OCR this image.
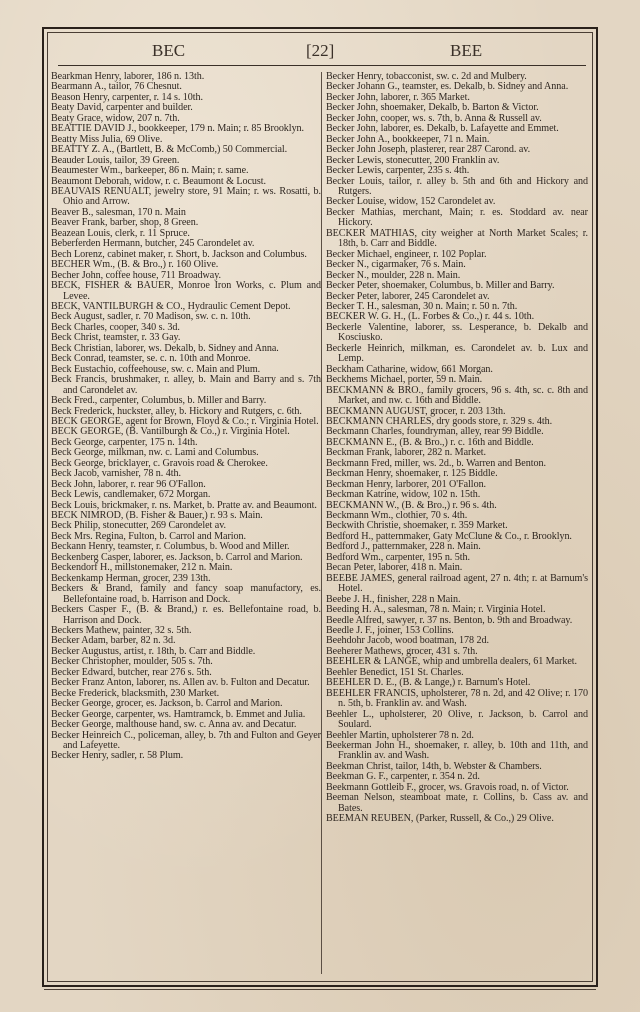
BEC	[22]	BEE
Bearkman Henry, laborer, 186 n. 13th.
Bearmann A., tailor, 76 Chesnut.
Beason Henry, carpenter, r. 14 s. 10th.
Beaty David, carpenter and builder.
Beaty Grace, widow, 207 n. 7th.
BEATTIE DAVID J., bookkeeper, 179 n. Main; r. 85 Brooklyn.
Beatty Miss Julia, 69 Olive.
BEATTY Z. A., (Bartlett, B. & McComb,) 50 Commercial.
Beauder Louis, tailor, 39 Green.
Beaumester Wm., barkeeper, 86 n. Main; r. same.
Beaumont Deborah, widow, r. c. Beaumont & Locust.
BEAUVAIS RENUALT, jewelry store, 91 Main; r. ws. Rosatti, b. Ohio and Arrow.
Beaver B., salesman, 170 n. Main
Beaver Frank, barber, shop, 8 Green.
Beazean Louis, clerk, r. 11 Spruce.
Beberferden Hermann, butcher, 245 Carondelet av.
Bech Lorenz, cabinet maker, r. Short, b. Jackson and Columbus.
BECHER Wm., (B. & Bro.,) r. 160 Olive.
Becher John, coffee house, 711 Broadway.
BECK, FISHER & BAUER, Monroe Iron Works, c. Plum and Levee.
BECK, VANTILBURGH & CO., Hydraulic Cement Depot.
Beck August, sadler, r. 70 Madison, sw. c. n. 10th.
Beck Charles, cooper, 340 s. 3d.
Beck Christ, teamster, r. 33 Gay.
Beck Christian, laborer, ws. Dekalb, b. Sidney and Anna.
Beck Conrad, teamster, se. c. n. 10th and Monroe.
Beck Eustachio, coffeehouse, sw. c. Main and Plum.
Beck Francis, brushmaker, r. alley, b. Main and Barry and s. 7th and Carondelet av.
Beck Fred., carpenter, Columbus, b. Miller and Barry.
Beck Frederick, huckster, alley, b. Hickory and Rutgers, c. 6th.
BECK GEORGE, agent for Brown, Floyd & Co.; r. Virginia Hotel.
BECK GEORGE, (B. Vantilburgh & Co.,) r. Virginia Hotel.
Beck George, carpenter, 175 n. 14th.
Beck George, milkman, nw. c. Lami and Columbus.
Beck George, bricklayer, c. Gravois road & Cherokee.
Beck Jacob, varnisher, 78 n. 4th.
Beck John, laborer, r. rear 96 O'Fallon.
Beck Lewis, candlemaker, 672 Morgan.
Beck Louis, brickmaker, r. ns. Market, b. Pratte av. and Beaumont.
BECK NIMROD, (B. Fisher & Bauer,) r. 93 s. Main.
Beck Philip, stonecutter, 269 Carondelet av.
Beck Mrs. Regina, Fulton, b. Carrol and Marion.
Beckann Henry, teamster, r. Columbus, b. Wood and Miller.
Beckenberg Casper, laborer, es. Jackson, b. Carrol and Marion.
Beckendorf H., millstonemaker, 212 n. Main.
Beckenkamp Herman, grocer, 239 13th.
Beckers & Brand, family and fancy soap manufactory, es. Bellefontaine road, b. Harrison and Dock.
Beckers Casper F., (B. & Brand,) r. es. Bellefontaine road, b. Harrison and Dock.
Beckers Mathew, painter, 32 s. 5th.
Becker Adam, barber, 82 n. 3d.
Becker Augustus, artist, r. 18th, b. Carr and Biddle.
Becker Christopher, moulder, 505 s. 7th.
Becker Edward, butcher, rear 276 s. 5th.
Becker Franz Anton, laborer, ns. Allen av. b. Fulton and Decatur.
Becke Frederick, blacksmith, 230 Market.
Becker George, grocer, es. Jackson, b. Carrol and Marion.
Becker George, carpenter, ws. Hamtramck, b. Emmet and Julia.
Becker George, malthouse hand, sw. c. Anna av. and Decatur.
Becker Heinreich C., policeman, alley, b. 7th and Fulton and Geyer and Lafeyette.
Becker Henry, sadler, r. 58 Plum.
Becker Henry, tobacconist, sw. c. 2d and Mulbery.
Becker Johann G., teamster, es. Dekalb, b. Sidney and Anna.
Becker John, laborer, r. 365 Market.
Becker John, shoemaker, Dekalb, b. Barton & Victor.
Becker John, cooper, ws. s. 7th, b. Anna & Russell av.
Becker John, laborer, es. Dekalb, b. Lafayette and Emmet.
Becker John A., bookkeeper, 71 n. Main.
Becker John Joseph, plasterer, rear 287 Carond. av.
Becker Lewis, stonecutter, 200 Franklin av.
Becker Lewis, carpenter, 235 s. 4th.
Becker Louis, tailor, r. alley b. 5th and 6th and Hickory and Rutgers.
Becker Louise, widow, 152 Carondelet av.
Becker Mathias, merchant, Main; r. es. Stoddard av. near Hickory.
BECKER MATHIAS, city weigher at North Market Scales; r. 18th, b. Carr and Biddle.
Becker Michael, engineer, r. 102 Poplar.
Becker N., cigarmaker, 76 s. Main.
Becker N., moulder, 228 n. Main.
Becker Peter, shoemaker, Columbus, b. Miller and Barry.
Becker Peter, laborer, 245 Carondelet av.
Becker T. H., salesman, 30 n. Main; r. 50 n. 7th.
BECKER W. G. H., (L. Forbes & Co.,) r. 44 s. 10th.
Beckerle Valentine, laborer, ss. Lesperance, b. Dekalb and Kosciusko.
Beckerle Heinrich, milkman, es. Carondelet av. b. Lux and Lemp.
Beckham Catharine, widow, 661 Morgan.
Beckhems Michael, porter, 59 n. Main.
BECKMANN & BRO., family grocers, 96 s. 4th, sc. c. 8th and Market, and nw. c. 16th and Biddle.
BECKMANN AUGUST, grocer, r. 203 13th.
BECKMANN CHARLES, dry goods store, r. 329 s. 4th.
Beckmann Charles, foundryman, alley, rear 99 Biddle.
BECKMANN E., (B. & Bro.,) r. c. 16th and Biddle.
Beckman Frank, laborer, 282 n. Market.
Beckmann Fred, miller, ws. 2d., b. Warren and Benton.
Beckman Henry, shoemaker, r. 125 Biddle.
Beckman Henry, larborer, 201 O'Fallon.
Beckman Katrine, widow, 102 n. 15th.
BECKMANN W., (B. & Bro.,) r. 96 s. 4th.
Beckmann Wm., clothier, 70 s. 4th.
Beckwith Christie, shoemaker, r. 359 Market.
Bedford H., patternmaker, Gaty McClune & Co., r. Brooklyn.
Bedford J., patternmaker, 228 n. Main.
Bedford Wm., carpenter, 195 n. 5th.
Becan Peter, laborer, 418 n. Main.
BEEBE JAMES, general railroad agent, 27 n. 4th; r. at Barnum's Hotel.
Beebe J. H., finisher, 228 n Main.
Beeding H. A., salesman, 78 n. Main; r. Virginia Hotel.
Beedle Alfred, sawyer, r. 37 ns. Benton, b. 9th and Broadway.
Beedle J. F., joiner, 153 Collins.
Beehdohr Jacob, wood boatman, 178 2d.
Beeherer Mathews, grocer, 431 s. 7th.
BEEHLER & LANGE, whip and umbrella dealers, 61 Market.
Beehler Benedict, 151 St. Charles.
BEEHLER D. E., (B. & Lange,) r. Barnum's Hotel.
BEEHLER FRANCIS, upholsterer, 78 n. 2d, and 42 Olive; r. 170 n. 5th, b. Franklin av. and Wash.
Beehler L., upholsterer, 20 Olive, r. Jackson, b. Carrol and Soulard.
Beehler Martin, upholsterer 78 n. 2d.
Beekerman John H., shoemaker, r. alley, b. 10th and 11th, and Franklin av. and Wash.
Beekman Christ, tailor, 14th, b. Webster & Chambers.
Beekman G. F., carpenter, r. 354 n. 2d.
Beekmann Gottleib F., grocer, ws. Gravois road, n. of Victor.
Beeman Nelson, steamboat mate, r. Collins, b. Cass av. and Bates.
BEEMAN REUBEN, (Parker, Russell, & Co.,) 29 Olive.
